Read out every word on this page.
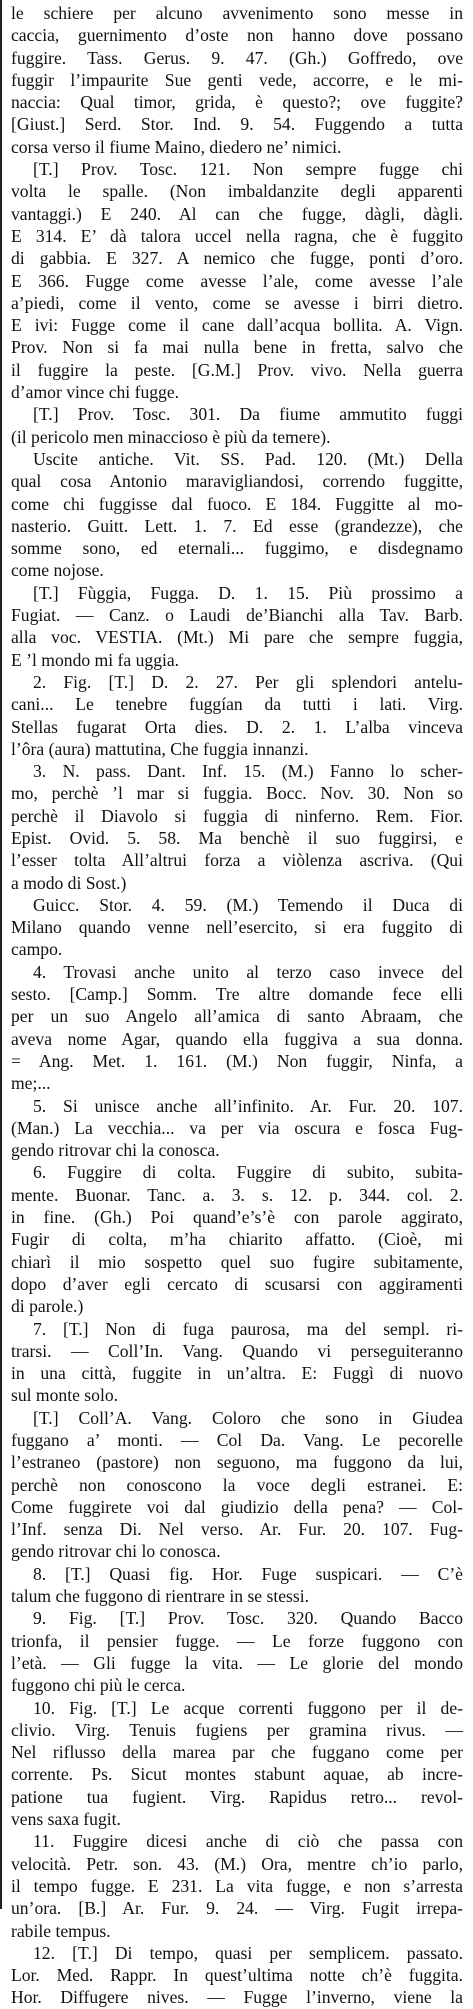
le schiere per alcuno avvenimento sono messe in
caccia, guernimento d’oste non hanno dove possano
fuggire. Tass. Gerus. 9. 47. (Gh.) Goffredo, ove
fuggir l’impaurite Sue genti vede, accorre, e le mi-
naccia: Qual timor, grida, è questo?; ove fuggite?
[Giust.] Serd. Stor. Ind. 9. 54. Fuggendo a tutta
corsa verso il fiume Maino, diedero ne’ nimici.
[T.] Prov. Tosc. 121. Non sempre fugge chi
volta le spalle. (Non imbaldanzite degli apparenti
vantaggi.) E 240. Al can che fugge, dàgli, dàgli.
E 314. E’ dà talora uccel nella ragna, che è fuggito
di gabbia. E 327. A nemico che fugge, ponti d’oro.
E 366. Fugge come avesse l’ale, come avesse l’ale
a’piedi, come il vento, come se avesse i birri dietro.
E ivi: Fugge come il cane dall’acqua bollita. A. Vign.
Prov. Non si fa mai nulla bene in fretta, salvo che
il fuggire la peste. [G.M.] Prov. vivo. Nella guerra
d’amor vince chi fugge.
[T.] Prov. Tosc. 301. Da fiume ammutito fuggi
(il pericolo men minaccioso è più da temere).
Uscite antiche. Vit. SS. Pad. 120. (Mt.) Della
qual cosa Antonio maravigliandosi, correndo fuggitte,
come chi fuggisse dal fuoco. E 184. Fuggitte al mo-
nasterio. Guitt. Lett. 1. 7. Ed esse (grandezze), che
somme sono, ed eternali... fuggimo, e disdegnamo
come nojose.
[T.] Fùggia, Fugga. D. 1. 15. Più prossimo a
Fugiat. — Canz. o Laudi de’Bianchi alla Tav. Barb.
alla voc. VESTIA. (Mt.) Mi pare che sempre fuggia,
E ’l mondo mi fa uggia.
2. Fig. [T.] D. 2. 27. Per gli splendori antelu-
cani... Le tenebre fuggían da tutti i lati. Virg.
Stellas fugarat Orta dies. D. 2. 1. L’alba vinceva
l’ôra (aura) mattutina, Che fuggia innanzi.
3. N. pass. Dant. Inf. 15. (M.) Fanno lo scher-
mo, perchè ’l mar si fuggia. Bocc. Nov. 30. Non so
perchè il Diavolo si fuggia di ninferno. Rem. Fior.
Epist. Ovid. 5. 58. Ma benchè il suo fuggirsi, e
l’esser tolta All’altrui forza a viòlenza ascriva. (Qui
a modo di Sost.)
Guicc. Stor. 4. 59. (M.) Temendo il Duca di
Milano quando venne nell’esercito, si era fuggito di
campo.
4. Trovasi anche unito al terzo caso invece del
sesto. [Camp.] Somm. Tre altre domande fece elli
per un suo Angelo all’amica di santo Abraam, che
aveva nome Agar, quando ella fuggiva a sua donna.
= Ang. Met. 1. 161. (M.) Non fuggir, Ninfa, a
me;...
5. Si unisce anche all’infinito. Ar. Fur. 20. 107.
(Man.) La vecchia... va per via oscura e fosca Fug-
gendo ritrovar chi la conosca.
6. Fuggire di colta. Fuggire di subito, subita-
mente. Buonar. Tanc. a. 3. s. 12. p. 344. col. 2.
in fine. (Gh.) Poi quand’e’s’è con parole aggirato,
Fugir di colta, m’ha chiarito affatto. (Cioè, mi
chiarì il mio sospetto quel suo fugire subitamente,
dopo d’aver egli cercato di scusarsi con aggiramenti
di parole.)
7. [T.] Non di fuga paurosa, ma del sempl. ri-
trarsi. — Coll’In. Vang. Quando vi perseguiteranno
in una città, fuggite in un’altra. E: Fuggì di nuovo
sul monte solo.
[T.] Coll’A. Vang. Coloro che sono in Giudea
fuggano a’ monti. — Col Da. Vang. Le pecorelle
l’estraneo (pastore) non seguono, ma fuggono da lui,
perchè non conoscono la voce degli estranei. E:
Come fuggirete voi dal giudizio della pena? — Col-
l’Inf. senza Di. Nel verso. Ar. Fur. 20. 107. Fug-
gendo ritrovar chi lo conosca.
8. [T.] Quasi fig. Hor. Fuge suspicari. — C’è
talum che fuggono di rientrare in se stessi.
9. Fig. [T.] Prov. Tosc. 320. Quando Bacco
trionfa, il pensier fugge. — Le forze fuggono con
l’età. — Gli fugge la vita. — Le glorie del mondo
fuggono chi più le cerca.
10. Fig. [T.] Le acque correnti fuggono per il de-
clivio. Virg. Tenuis fugiens per gramina rivus. —
Nel riflusso della marea par che fuggano come per
corrente. Ps. Sicut montes stabunt aquae, ab incre-
patione tua fugient. Virg. Rapidus retro... revol-
vens saxa fugit.
11. Fuggire dicesi anche di ciò che passa con
velocità. Petr. son. 43. (M.) Ora, mentre ch’io parlo,
il tempo fugge. E 231. La vita fugge, e non s’arresta
un’ora. [B.] Ar. Fur. 9. 24. — Virg. Fugit irrepa-
rabile tempus.
12. [T.] Di tempo, quasi per semplicem. passato.
Lor. Med. Rappr. In quest’ultima notte ch’è fuggita.
Hor. Diffugere nives. — Fugge l’inverno, viene la
